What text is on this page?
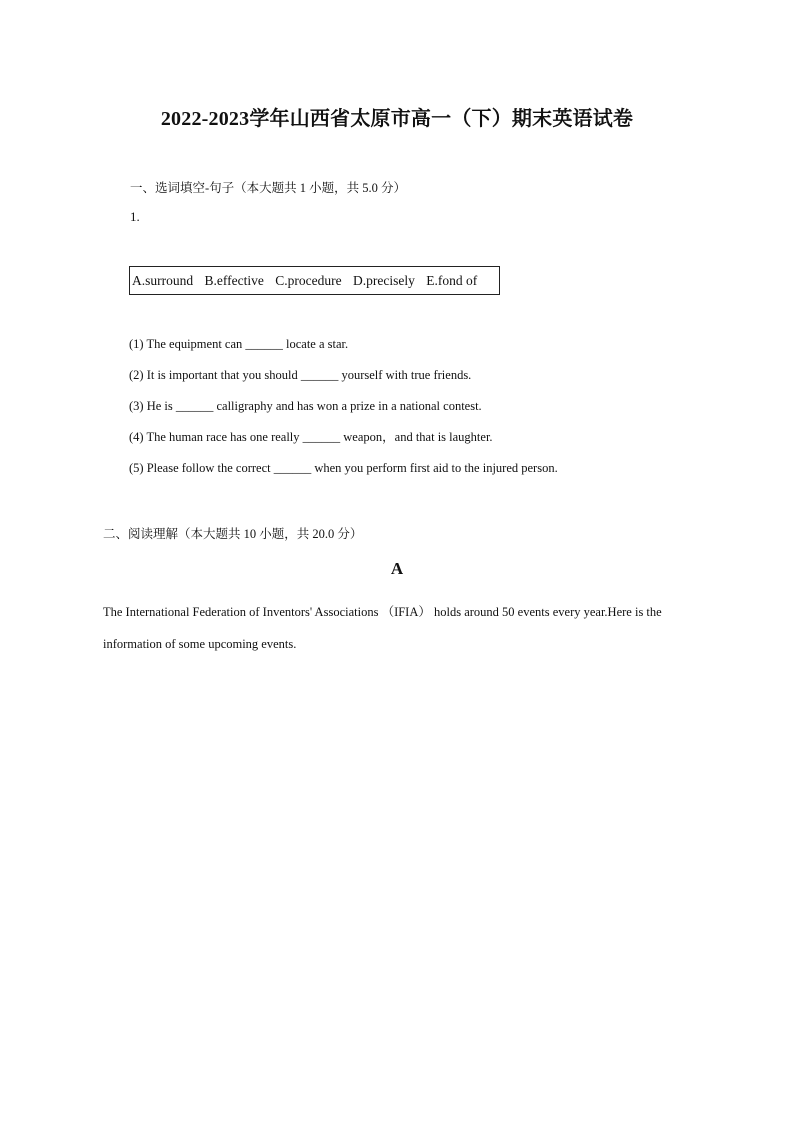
2022-2023学年山西省太原市高一（下）期末英语试卷
一、选词填空-句子（本大题共 1 小题，共 5.0 分）
1.
A.surround B.effective C.procedure D.precisely E.fond of
(1) The equipment can ______ locate a star.
(2) It is important that you should ______ yourself with true friends.
(3) He is ______ calligraphy and has won a prize in a national contest.
(4) The human race has one really ______ weapon，and that is laughter.
(5) Please follow the correct ______ when you perform first aid to the injured person.
二、阅读理解（本大题共 10 小题，共 20.0 分）
A
The International Federation of Inventors' Associations （IFIA） holds around 50 events every year.Here is the information of some upcoming events.
